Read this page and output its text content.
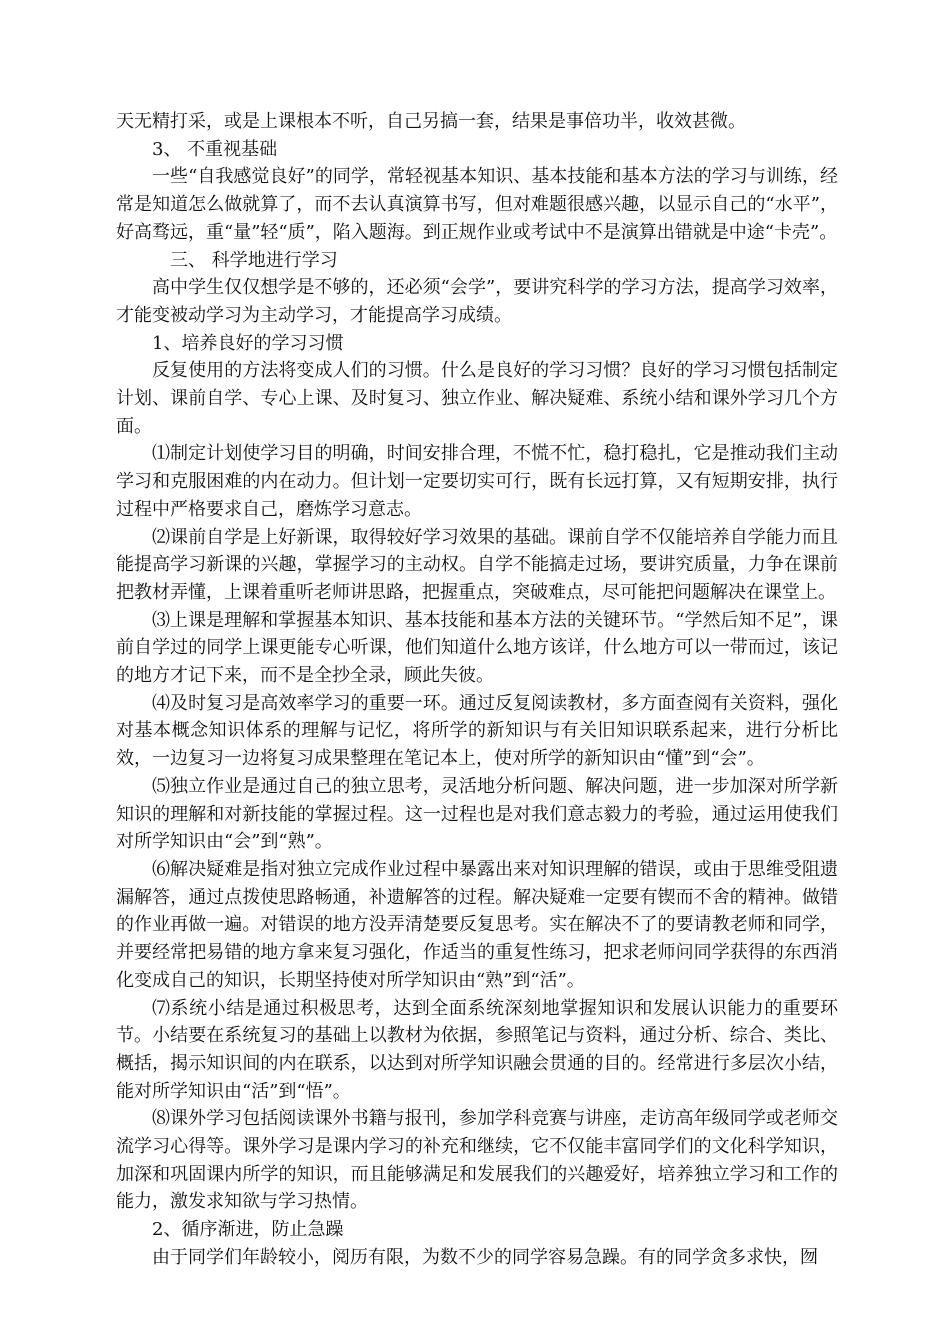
天无精打采，或是上课根本不听，自己另搞一套，结果是事倍功半，收效甚微。

3、 不重视基础

一些“自我感觉良好”的同学，常轻视基本知识、基本技能和基本方法的学习与训练，经常是知道怎么做就算了，而不去认真演算书写，但对难题很感兴趣，以显示自己的“水平”，好高骛远，重“量”轻“质”，陷入题海。到正规作业或考试中不是演算出错就是中途“卡壳”。

三、 科学地进行学习

高中学生仅仅想学是不够的，还必须“会学”，要讲究科学的学习方法，提高学习效率，才能变被动学习为主动学习，才能提高学习成绩。

1、培养良好的学习习惯

反复使用的方法将变成人们的习惯。什么是良好的学习习惯？良好的学习习惯包括制定计划、课前自学、专心上课、及时复习、独立作业、解决疑难、系统小结和课外学习几个方面。

⑴制定计划使学习目的明确，时间安排合理，不慌不忙，稳打稳扎，它是推动我们主动学习和克服困难的内在动力。但计划一定要切实可行，既有长远打算，又有短期安排，执行过程中严格要求自己，磨炼学习意志。

⑵课前自学是上好新课，取得较好学习效果的基础。课前自学不仅能培养自学能力而且能提高学习新课的兴趣，掌握学习的主动权。自学不能搞走过场，要讲究质量，力争在课前把教材弄懂，上课着重听老师讲思路，把握重点，突破难点，尽可能把问题解决在课堂上。

⑶上课是理解和掌握基本知识、基本技能和基本方法的关键环节。“学然后知不足”，课前自学过的同学上课更能专心听课，他们知道什么地方该详，什么地方可以一带而过，该记的地方才记下来，而不是全抄全录，顾此失彼。

⑷及时复习是高效率学习的重要一环。通过反复阅读教材，多方面查阅有关资料，强化对基本概念知识体系的理解与记忆，将所学的新知识与有关旧知识联系起来，进行分析比效，一边复习一边将复习成果整理在笔记本上，使对所学的新知识由“懂”到“会”。

⑸独立作业是通过自己的独立思考，灵活地分析问题、解决问题，进一步加深对所学新知识的理解和对新技能的掌握过程。这一过程也是对我们意志毅力的考验，通过运用使我们对所学知识由“会”到“熟”。

⑹解决疑难是指对独立完成作业过程中暴露出来对知识理解的错误，或由于思维受阻遗漏解答，通过点拨使思路畅通，补遗解答的过程。解决疑难一定要有锲而不舍的精神。做错的作业再做一遍。对错误的地方没弄清楚要反复思考。实在解决不了的要请教老师和同学，并要经常把易错的地方拿来复习强化，作适当的重复性练习，把求老师问同学获得的东西消化变成自己的知识，长期坚持使对所学知识由“熟”到“活”。

⑺系统小结是通过积极思考，达到全面系统深刻地掌握知识和发展认识能力的重要环节。小结要在系统复习的基础上以教材为依据，参照笔记与资料，通过分析、综合、类比、概括，揭示知识间的内在联系，以达到对所学知识融会贯通的目的。经常进行多层次小结，能对所学知识由“活”到“悟”。

⑻课外学习包括阅读课外书籍与报刊，参加学科竞赛与讲座，走访高年级同学或老师交流学习心得等。课外学习是课内学习的补充和继续，它不仅能丰富同学们的文化科学知识，加深和巩固课内所学的知识，而且能够满足和发展我们的兴趣爱好，培养独立学习和工作的能力，激发求知欲与学习热情。

2、循序渐进，防止急躁

由于同学们年龄较小，阅历有限，为数不少的同学容易急躁。有的同学贪多求快，囫
